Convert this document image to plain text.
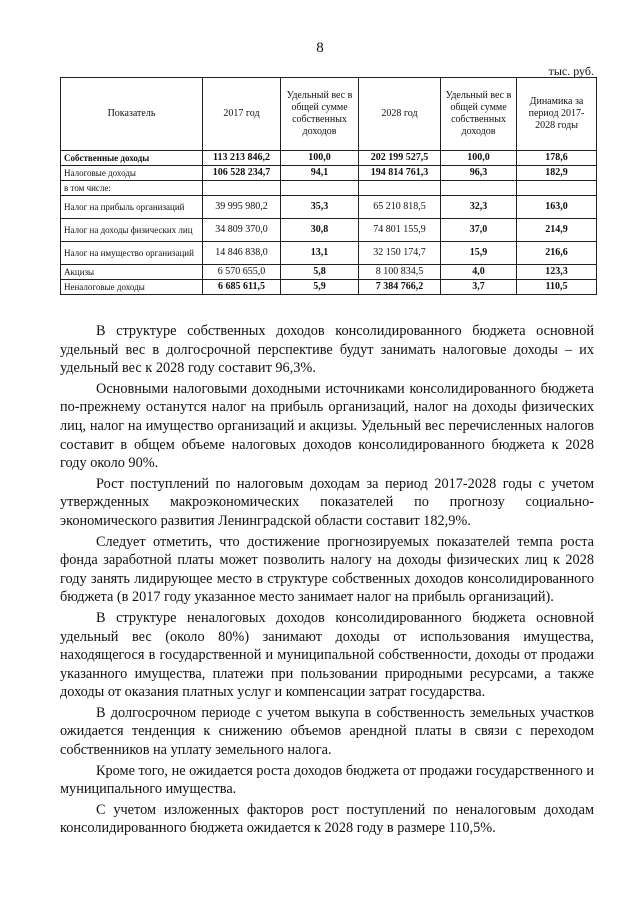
8
тыс. руб.
Показатель	2017 год	Удельный вес в общей сумме собственных доходов	2028 год	Удельный вес в общей сумме собственных доходов	Динамика за период 2017-2028 годы
Собственные доходы	113 213 846,2	100,0	202 199 527,5	100,0	178,6
Налоговые доходы	106 528 234,7	94,1	194 814 761,3	96,3	182,9
в том числе:					
Налог на прибыль организаций	39 995 980,2	35,3	65 210 818,5	32,3	163,0
Налог на доходы физических лиц	34 809 370,0	30,8	74 801 155,9	37,0	214,9
Налог на имущество организаций	14 846 838,0	13,1	32 150 174,7	15,9	216,6
Акцизы	6 570 655,0	5,8	8 100 834,5	4,0	123,3
Неналоговые доходы	6 685 611,5	5,9	7 384 766,2	3,7	110,5

В структуре собственных доходов консолидированного бюджета основной удельный вес в долгосрочной перспективе будут занимать налоговые доходы – их удельный вес к 2028 году составит 96,3%.

Основными налоговыми доходными источниками консолидированного бюджета по-прежнему останутся налог на прибыль организаций, налог на доходы физических лиц, налог на имущество организаций и акцизы. Удельный вес перечисленных налогов составит в общем объеме налоговых доходов консолидированного бюджета к 2028 году около 90%.

Рост поступлений по налоговым доходам за период 2017-2028 годы с учетом утвержденных макроэкономических показателей по прогнозу социально-экономического развития Ленинградской области составит 182,9%.

Следует отметить, что достижение прогнозируемых показателей темпа роста фонда заработной платы может позволить налогу на доходы физических лиц к 2028 году занять лидирующее место в структуре собственных доходов консолидированного бюджета (в 2017 году указанное место занимает налог на прибыль организаций).

В структуре неналоговых доходов консолидированного бюджета основной удельный вес (около 80%) занимают доходы от использования имущества, находящегося в государственной и муниципальной собственности, доходы от продажи указанного имущества, платежи при пользовании природными ресурсами, а также доходы от оказания платных услуг и компенсации затрат государства.

В долгосрочном периоде с учетом выкупа в собственность земельных участков ожидается тенденция к снижению объемов арендной платы в связи с переходом собственников на уплату земельного налога.

Кроме того, не ожидается роста доходов бюджета от продажи государственного и муниципального имущества.

С учетом изложенных факторов рост поступлений по неналоговым доходам консолидированного бюджета ожидается к 2028 году в размере 110,5%.
